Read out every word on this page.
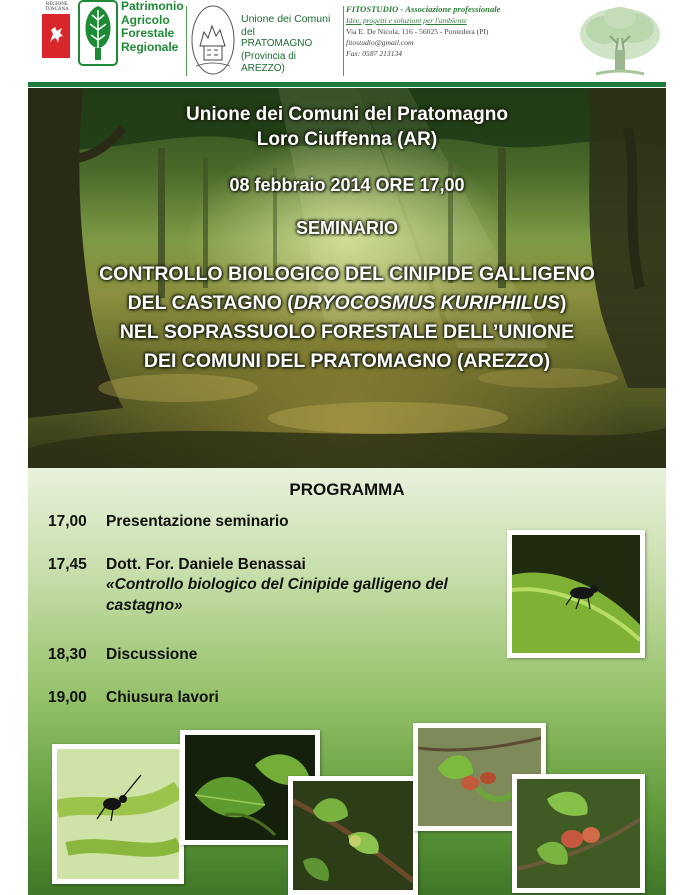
REGIONE TOSCANA	Patrimonio
Agricolo
Forestale
Regionale
Unione dei Comuni del
PRATOMAGNO
(Provincia di AREZZO)
FITOSTUDIO - Associazione professionale
Idee, progetti e soluzioni per l'ambiente
Via E. De Nicola, 116 - 56025 - Pontedera (PI)
fitostudio@gmail.com
Fax: 0587 213134
Unione dei Comuni del Pratomagno
Loro Ciuffenna (AR)
08 febbraio 2014 ORE 17,00
SEMINARIO
CONTROLLO BIOLOGICO DEL CINIPIDE GALLIGENO
DEL CASTAGNO (DRYOCOSMUS KURIPHILUS)
NEL SOPRASSUOLO FORESTALE DELL’UNIONE
DEI COMUNI DEL PRATOMAGNO (AREZZO)
PROGRAMMA
17,00 Presentazione seminario
17,45 Dott. For. Daniele Benassai
«Controllo biologico del Cinipide galligeno del castagno»
18,30 Discussione
19,00 Chiusura lavori
